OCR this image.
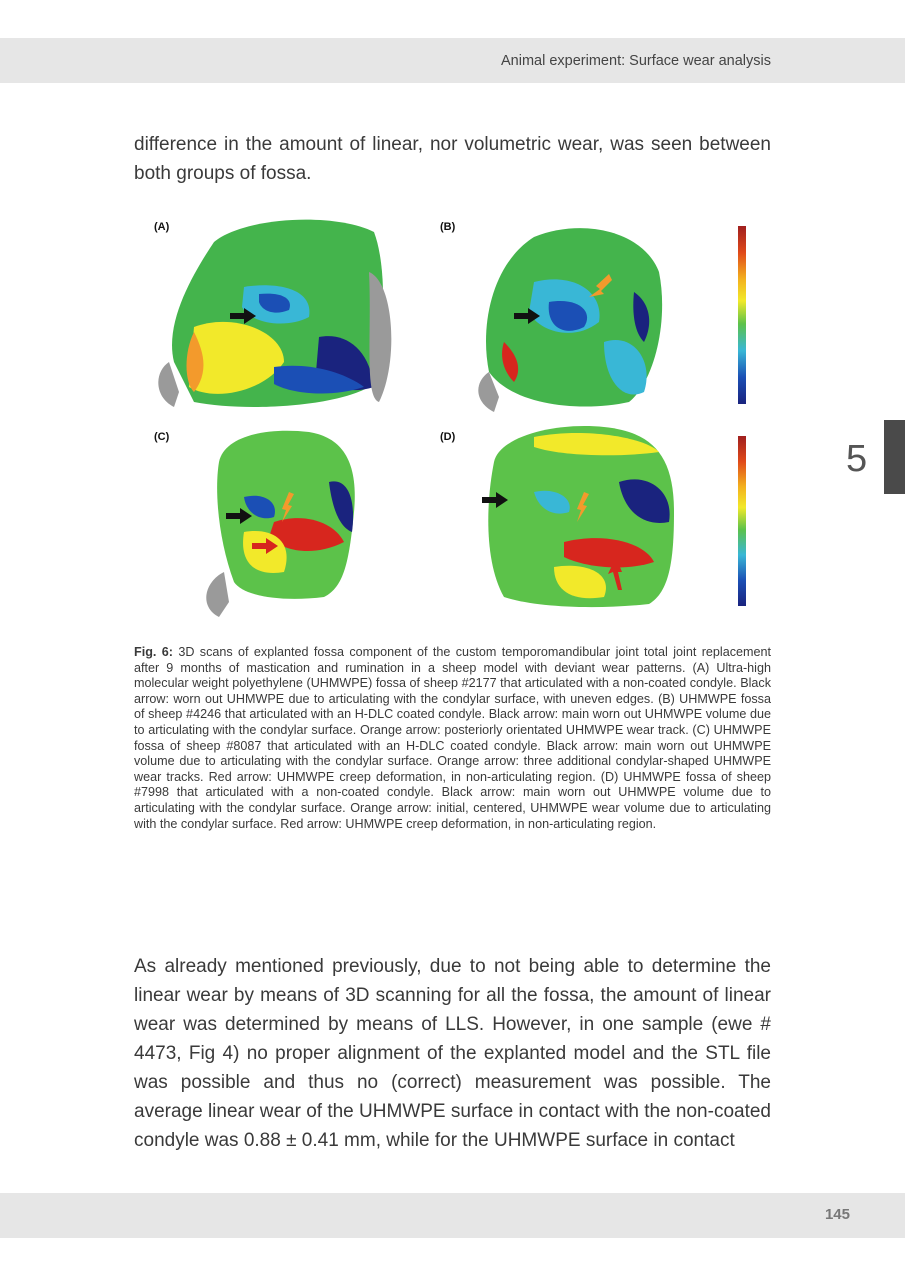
Animal experiment: Surface wear analysis
5

difference in the amount of linear, nor volumetric wear, was seen between both groups of fossa.

(A)	(B)
(C)	(D)

Fig. 6: 3D scans of explanted fossa component of the custom temporomandibular joint total joint replacement after 9 months of mastication and rumination in a sheep model with deviant wear patterns. (A) Ultra-high molecular weight polyethylene (UHMWPE) fossa of sheep #2177 that articulated with a non-coated condyle. Black arrow: worn out UHMWPE due to articulating with the condylar surface, with uneven edges. (B) UHMWPE fossa of sheep #4246 that articulated with an H-DLC coated condyle. Black arrow: main worn out UHMWPE volume due to articulating with the condylar surface. Orange arrow: posteriorly orientated UHMWPE wear track. (C) UHMWPE fossa of sheep #8087 that articulated with an H-DLC coated condyle. Black arrow: main worn out UHMWPE volume due to articulating with the condylar surface. Orange arrow: three additional condylar-shaped UHMWPE wear tracks. Red arrow: UHMWPE creep deformation, in non-articulating region. (D) UHMWPE fossa of sheep #7998 that articulated with a non-coated condyle. Black arrow: main worn out UHMWPE volume due to articulating with the condylar surface. Orange arrow: initial, centered, UHMWPE wear volume due to articulating with the condylar surface. Red arrow: UHMWPE creep deformation, in non-articulating region.

As already mentioned previously, due to not being able to determine the linear wear by means of 3D scanning for all the fossa, the amount of linear wear was determined by means of LLS. However, in one sample (ewe # 4473, Fig 4) no proper alignment of the explanted model and the STL file was possible and thus no (correct) measurement was possible. The average linear wear of the UHMWPE surface in contact with the non-coated condyle was 0.88 ± 0.41 mm, while for the UHMWPE surface in contact

145
